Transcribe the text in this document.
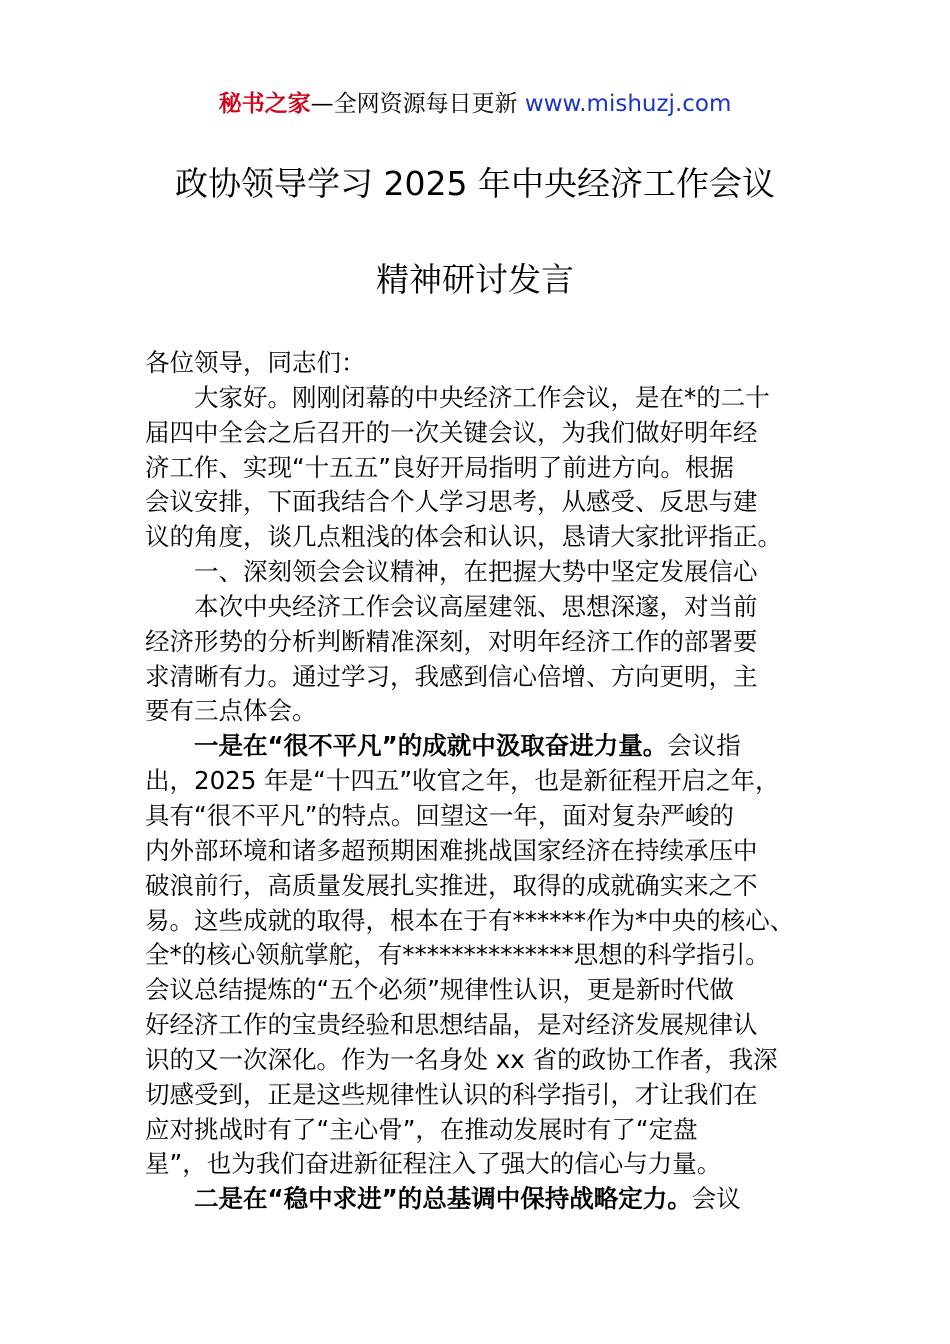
秘书之家—全网资源每日更新 www.mishuzj.com
政协领导学习 2025 年中央经济工作会议
精神研讨发言
各位领导，同志们：
大家好。刚刚闭幕的中央经济工作会议，是在*的二十
届四中全会之后召开的一次关键会议，为我们做好明年经
济工作、实现“十五五”良好开局指明了前进方向。根据
会议安排，下面我结合个人学习思考，从感受、反思与建
议的角度，谈几点粗浅的体会和认识，恳请大家批评指正。
一、深刻领会会议精神，在把握大势中坚定发展信心
本次中央经济工作会议高屋建瓴、思想深邃，对当前
经济形势的分析判断精准深刻，对明年经济工作的部署要
求清晰有力。通过学习，我感到信心倍增、方向更明，主
要有三点体会。
一是在“很不平凡”的成就中汲取奋进力量。会议指
出，2025 年是“十四五”收官之年，也是新征程开启之年，
具有“很不平凡”的特点。回望这一年，面对复杂严峻的
内外部环境和诸多超预期困难挑战国家经济在持续承压中
破浪前行，高质量发展扎实推进，取得的成就确实来之不
易。这些成就的取得，根本在于有******作为*中央的核心、
全*的核心领航掌舵，有**************思想的科学指引。
会议总结提炼的“五个必须”规律性认识，更是新时代做
好经济工作的宝贵经验和思想结晶，是对经济发展规律认
识的又一次深化。作为一名身处 xx 省的政协工作者，我深
切感受到，正是这些规律性认识的科学指引，才让我们在
应对挑战时有了“主心骨”，在推动发展时有了“定盘
星”，也为我们奋进新征程注入了强大的信心与力量。
二是在“稳中求进”的总基调中保持战略定力。会议
